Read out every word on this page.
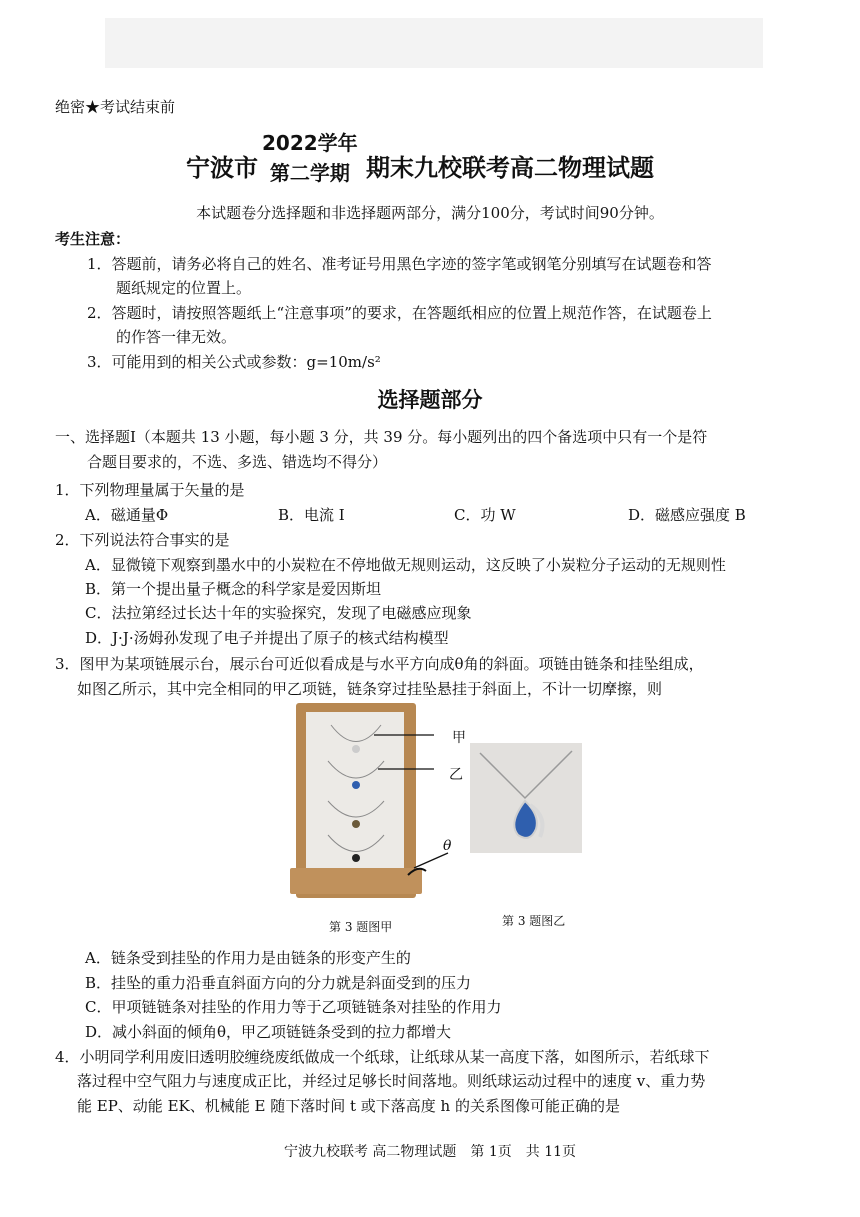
绝密★考试结束前
宁波市
2022学年
第二学期 期末九校联考高二物理试题
本试题卷分选择题和非选择题两部分，满分100分，考试时间90分钟。
考生注意：
1．答题前，请务必将自己的姓名、准考证号用黑色字迹的签字笔或钢笔分别填写在试题卷和答
题纸规定的位置上。
2．答题时，请按照答题纸上“注意事项”的要求，在答题纸相应的位置上规范作答，在试题卷上
的作答一律无效。
3．可能用到的相关公式或参数：g=10m/s²
选择题部分
一、选择题Ⅰ（本题共 13 小题，每小题 3 分，共 39 分。每小题列出的四个备选项中只有一个是符
合题目要求的，不选、多选、错选均不得分）
1．下列物理量属于矢量的是
A．磁通量Φ	B．电流 I	C．功 W	D．磁感应强度 B
2．下列说法符合事实的是
A．显微镜下观察到墨水中的小炭粒在不停地做无规则运动，这反映了小炭粒分子运动的无规则性
B．第一个提出量子概念的科学家是爱因斯坦
C．法拉第经过长达十年的实验探究，发现了电磁感应现象
D．J·J·汤姆孙发现了电子并提出了原子的核式结构模型
3．图甲为某项链展示台，展示台可近似看成是与水平方向成θ角的斜面。项链由链条和挂坠组成，
如图乙所示，其中完全相同的甲乙项链，链条穿过挂坠悬挂于斜面上，不计一切摩擦，则
甲
乙
θ
第 3 题图甲	第 3 题图乙
A．链条受到挂坠的作用力是由链条的形变产生的
B．挂坠的重力沿垂直斜面方向的分力就是斜面受到的压力
C．甲项链链条对挂坠的作用力等于乙项链链条对挂坠的作用力
D．减小斜面的倾角θ，甲乙项链链条受到的拉力都增大
4．小明同学利用废旧透明胶缠绕废纸做成一个纸球，让纸球从某一高度下落，如图所示，若纸球下
落过程中空气阻力与速度成正比，并经过足够长时间落地。则纸球运动过程中的速度 v、重力势
能 EP、动能 EK、机械能 E 随下落时间 t 或下落高度 h 的关系图像可能正确的是
宁波九校联考 高二物理试题　第 1页　共 11页
